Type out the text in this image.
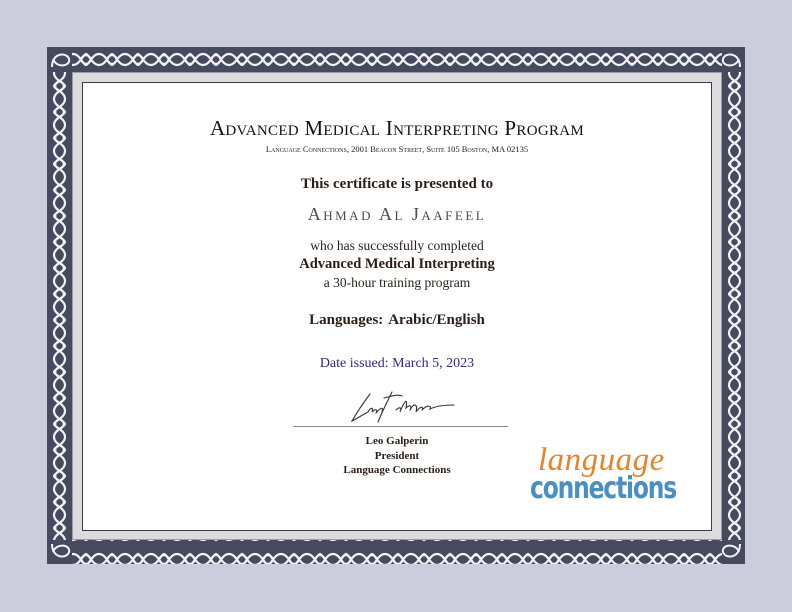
Advanced Medical Interpreting Program
Language Connections, 2001 Beacon Street, Suite 105 Boston, MA 02135
This certificate is presented to
Ahmad Al Jaafeel
who has successfully completed
Advanced Medical Interpreting
a 30-hour training program
Languages: Arabic/English
Date issued: March 5, 2023
Leo Galperin
President
Language Connections	language
connections
